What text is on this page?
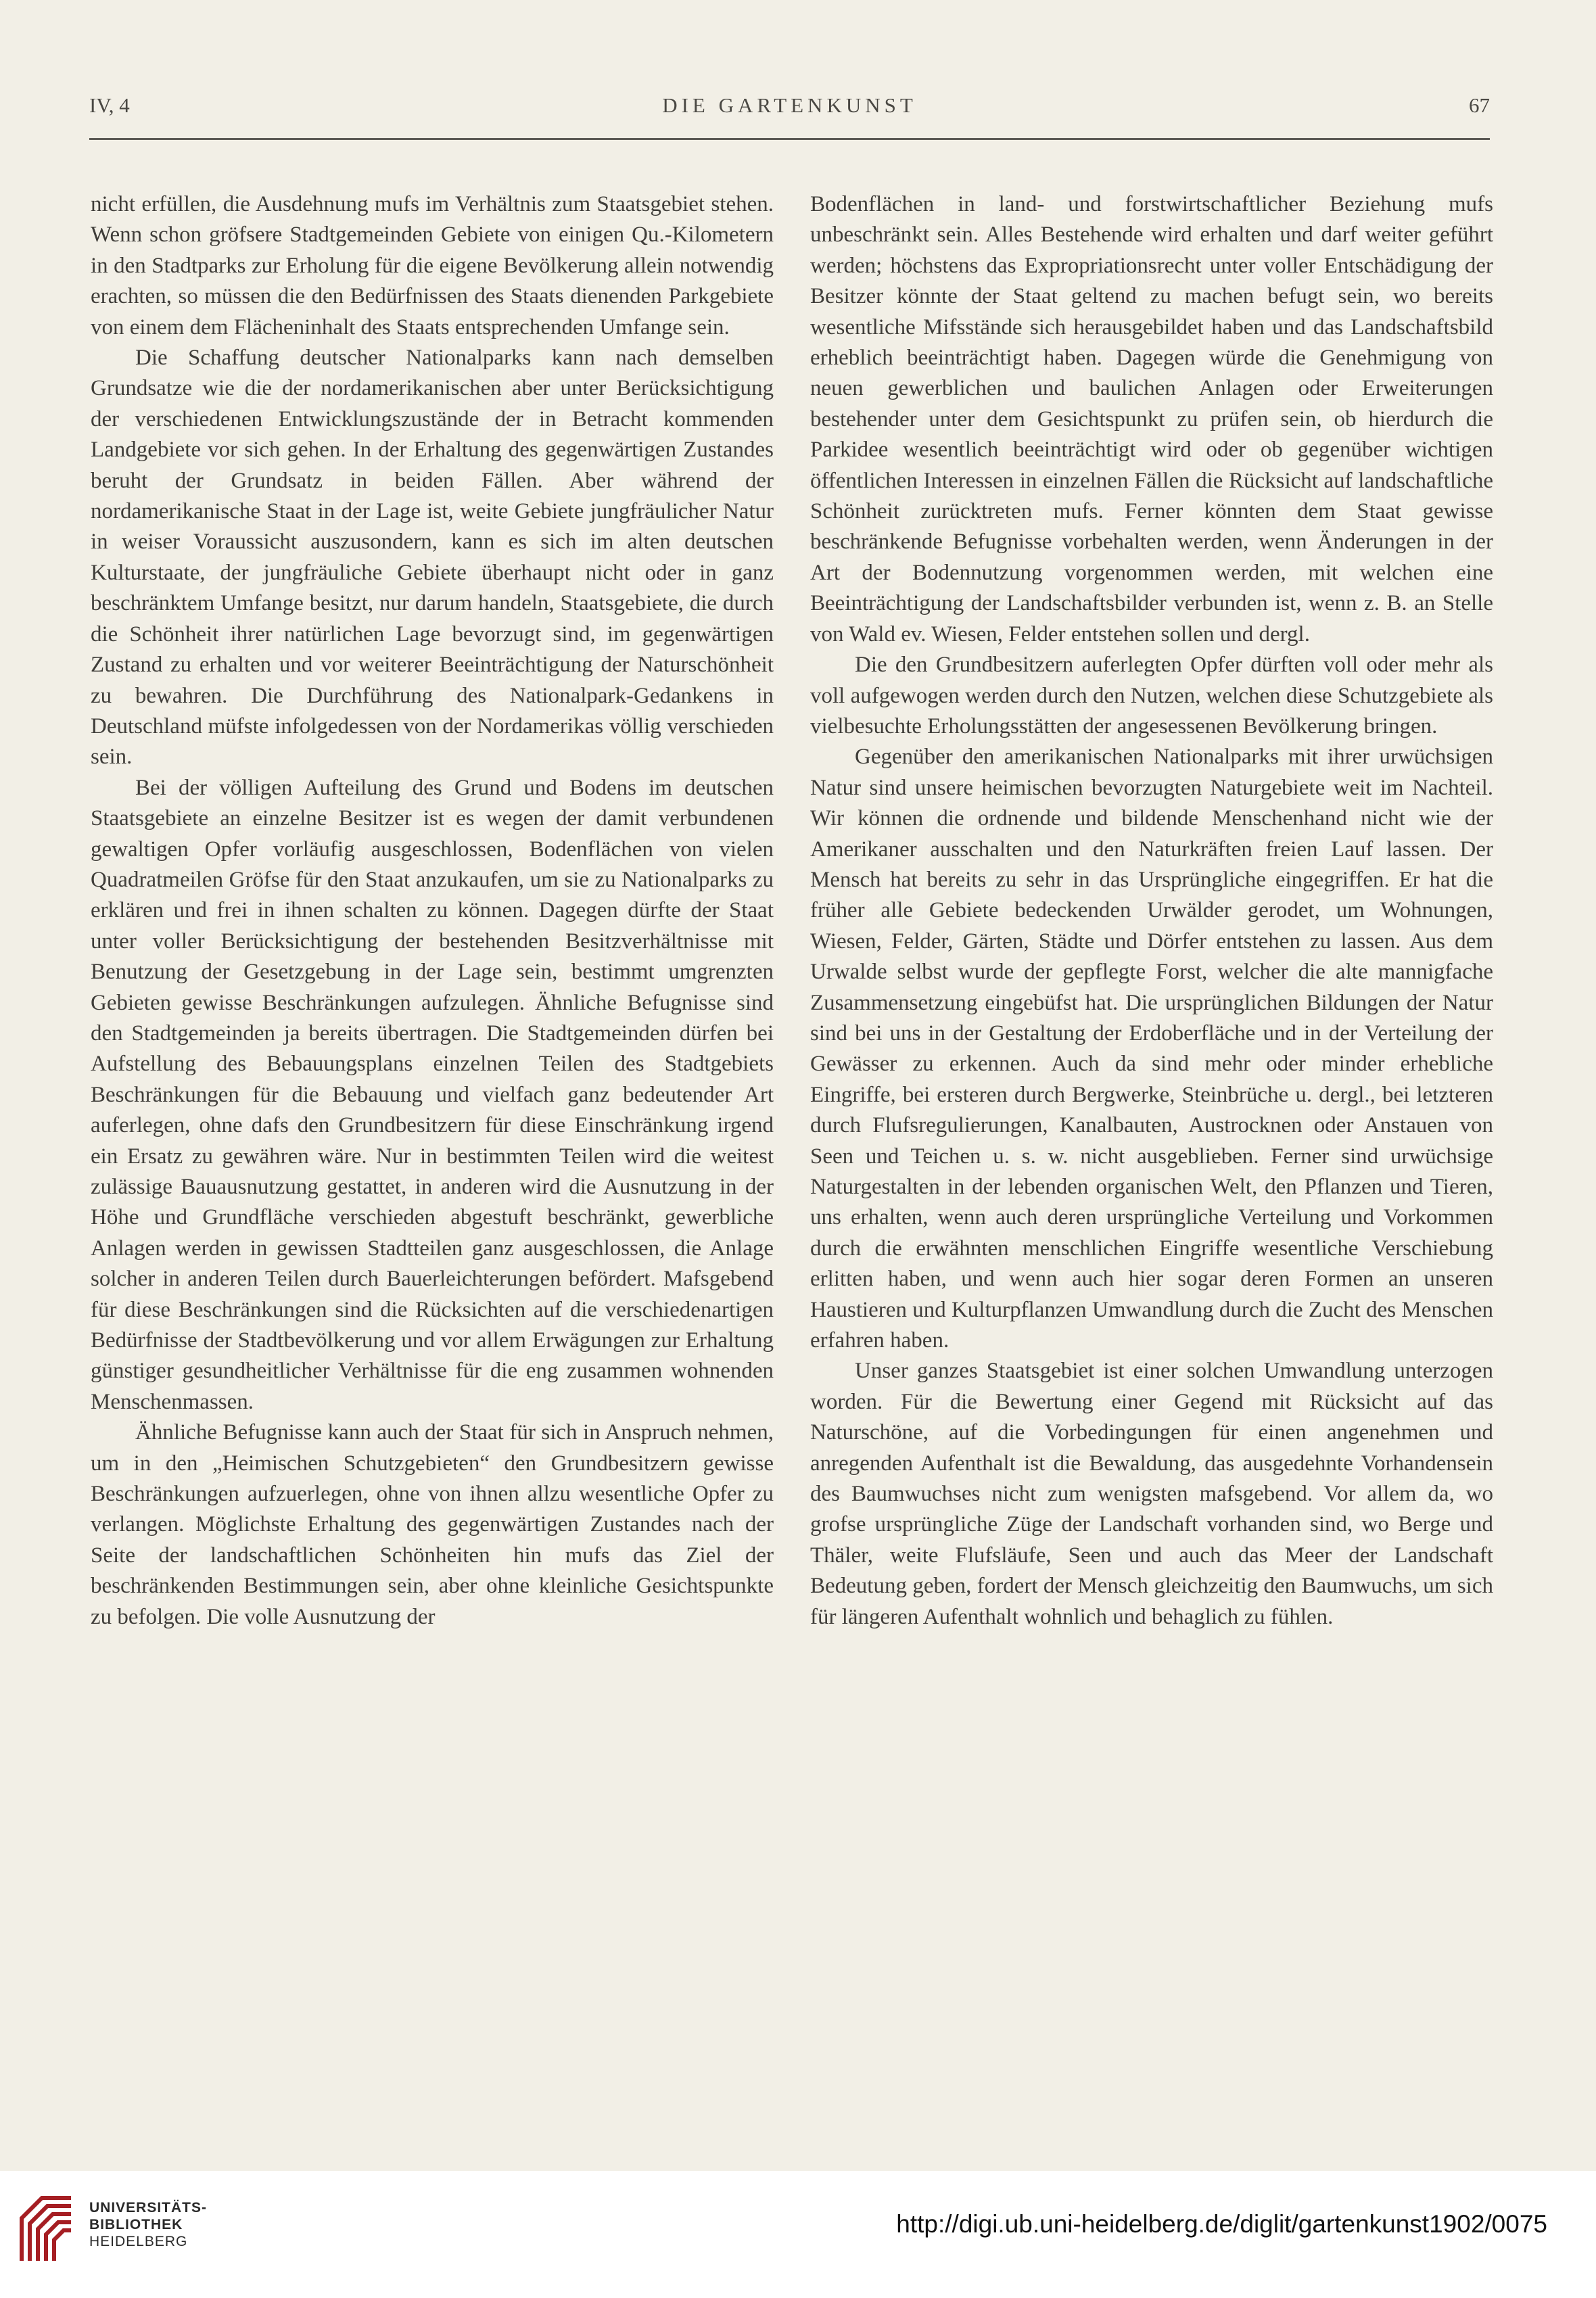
IV, 4	DIE GARTENKUNST	67

nicht erfüllen, die Ausdehnung mufs im Verhältnis zum Staatsgebiet stehen. Wenn schon gröfsere Stadtgemeinden Gebiete von einigen Qu.-Kilometern in den Stadtparks zur Erholung für die eigene Bevölkerung allein notwendig erachten, so müssen die den Bedürfnissen des Staats dienenden Parkgebiete von einem dem Flächeninhalt des Staats entsprechenden Umfange sein.

Die Schaffung deutscher Nationalparks kann nach demselben Grundsatze wie die der nordamerikanischen aber unter Berücksichtigung der verschiedenen Entwicklungszustände der in Betracht kommenden Landgebiete vor sich gehen. In der Erhaltung des gegenwärtigen Zustandes beruht der Grundsatz in beiden Fällen. Aber während der nordamerikanische Staat in der Lage ist, weite Gebiete jungfräulicher Natur in weiser Voraussicht auszusondern, kann es sich im alten deutschen Kulturstaate, der jungfräuliche Gebiete überhaupt nicht oder in ganz beschränktem Umfange besitzt, nur darum handeln, Staatsgebiete, die durch die Schönheit ihrer natürlichen Lage bevorzugt sind, im gegenwärtigen Zustand zu erhalten und vor weiterer Beeinträchtigung der Naturschönheit zu bewahren. Die Durchführung des Nationalpark-Gedankens in Deutschland müfste infolgedessen von der Nordamerikas völlig verschieden sein.

Bei der völligen Aufteilung des Grund und Bodens im deutschen Staatsgebiete an einzelne Besitzer ist es wegen der damit verbundenen gewaltigen Opfer vorläufig ausgeschlossen, Bodenflächen von vielen Quadratmeilen Gröfse für den Staat anzukaufen, um sie zu Nationalparks zu erklären und frei in ihnen schalten zu können. Dagegen dürfte der Staat unter voller Berücksichtigung der bestehenden Besitzverhältnisse mit Benutzung der Gesetzgebung in der Lage sein, bestimmt umgrenzten Gebieten gewisse Beschränkungen aufzulegen. Ähnliche Befugnisse sind den Stadtgemeinden ja bereits übertragen. Die Stadtgemeinden dürfen bei Aufstellung des Bebauungsplans einzelnen Teilen des Stadtgebiets Beschränkungen für die Bebauung und vielfach ganz bedeutender Art auferlegen, ohne dafs den Grundbesitzern für diese Einschränkung irgend ein Ersatz zu gewähren wäre. Nur in bestimmten Teilen wird die weitest zulässige Bauausnutzung gestattet, in anderen wird die Ausnutzung in der Höhe und Grundfläche verschieden abgestuft beschränkt, gewerbliche Anlagen werden in gewissen Stadtteilen ganz ausgeschlossen, die Anlage solcher in anderen Teilen durch Bauerleichterungen befördert. Mafsgebend für diese Beschränkungen sind die Rücksichten auf die verschiedenartigen Bedürfnisse der Stadtbevölkerung und vor allem Erwägungen zur Erhaltung günstiger gesundheitlicher Verhältnisse für die eng zusammen wohnenden Menschenmassen.

Ähnliche Befugnisse kann auch der Staat für sich in Anspruch nehmen, um in den „Heimischen Schutzgebieten“ den Grundbesitzern gewisse Beschränkungen aufzuerlegen, ohne von ihnen allzu wesentliche Opfer zu verlangen. Möglichste Erhaltung des gegenwärtigen Zustandes nach der Seite der landschaftlichen Schönheiten hin mufs das Ziel der beschränkenden Bestimmungen sein, aber ohne kleinliche Gesichtspunkte zu befolgen. Die volle Ausnutzung der

Bodenflächen in land- und forstwirtschaftlicher Beziehung mufs unbeschränkt sein. Alles Bestehende wird erhalten und darf weiter geführt werden; höchstens das Expropriationsrecht unter voller Entschädigung der Besitzer könnte der Staat geltend zu machen befugt sein, wo bereits wesentliche Mifsstände sich herausgebildet haben und das Landschaftsbild erheblich beeinträchtigt haben. Dagegen würde die Genehmigung von neuen gewerblichen und baulichen Anlagen oder Erweiterungen bestehender unter dem Gesichtspunkt zu prüfen sein, ob hierdurch die Parkidee wesentlich beeinträchtigt wird oder ob gegenüber wichtigen öffentlichen Interessen in einzelnen Fällen die Rücksicht auf landschaftliche Schönheit zurücktreten mufs. Ferner könnten dem Staat gewisse beschränkende Befugnisse vorbehalten werden, wenn Änderungen in der Art der Bodennutzung vorgenommen werden, mit welchen eine Beeinträchtigung der Landschaftsbilder verbunden ist, wenn z. B. an Stelle von Wald ev. Wiesen, Felder entstehen sollen und dergl.

Die den Grundbesitzern auferlegten Opfer dürften voll oder mehr als voll aufgewogen werden durch den Nutzen, welchen diese Schutzgebiete als vielbesuchte Erholungsstätten der angesessenen Bevölkerung bringen.

Gegenüber den amerikanischen Nationalparks mit ihrer urwüchsigen Natur sind unsere heimischen bevorzugten Naturgebiete weit im Nachteil. Wir können die ordnende und bildende Menschenhand nicht wie der Amerikaner ausschalten und den Naturkräften freien Lauf lassen. Der Mensch hat bereits zu sehr in das Ursprüngliche eingegriffen. Er hat die früher alle Gebiete bedeckenden Urwälder gerodet, um Wohnungen, Wiesen, Felder, Gärten, Städte und Dörfer entstehen zu lassen. Aus dem Urwalde selbst wurde der gepflegte Forst, welcher die alte mannigfache Zusammensetzung eingebüfst hat. Die ursprünglichen Bildungen der Natur sind bei uns in der Gestaltung der Erdoberfläche und in der Verteilung der Gewässer zu erkennen. Auch da sind mehr oder minder erhebliche Eingriffe, bei ersteren durch Bergwerke, Steinbrüche u. dergl., bei letzteren durch Flufsregulierungen, Kanalbauten, Austrocknen oder Anstauen von Seen und Teichen u. s. w. nicht ausgeblieben. Ferner sind urwüchsige Naturgestalten in der lebenden organischen Welt, den Pflanzen und Tieren, uns erhalten, wenn auch deren ursprüngliche Verteilung und Vorkommen durch die erwähnten menschlichen Eingriffe wesentliche Verschiebung erlitten haben, und wenn auch hier sogar deren Formen an unseren Haustieren und Kulturpflanzen Umwandlung durch die Zucht des Menschen erfahren haben.

Unser ganzes Staatsgebiet ist einer solchen Umwandlung unterzogen worden. Für die Bewertung einer Gegend mit Rücksicht auf das Naturschöne, auf die Vorbedingungen für einen angenehmen und anregenden Aufenthalt ist die Bewaldung, das ausgedehnte Vorhandensein des Baumwuchses nicht zum wenigsten mafsgebend. Vor allem da, wo grofse ursprüngliche Züge der Landschaft vorhanden sind, wo Berge und Thäler, weite Flufsläufe, Seen und auch das Meer der Landschaft Bedeutung geben, fordert der Mensch gleichzeitig den Baumwuchs, um sich für längeren Aufenthalt wohnlich und behaglich zu fühlen.

UNIVERSITÄTS-
BIBLIOTHEK
HEIDELBERG
http://digi.ub.uni-heidelberg.de/diglit/gartenkunst1902/0075
